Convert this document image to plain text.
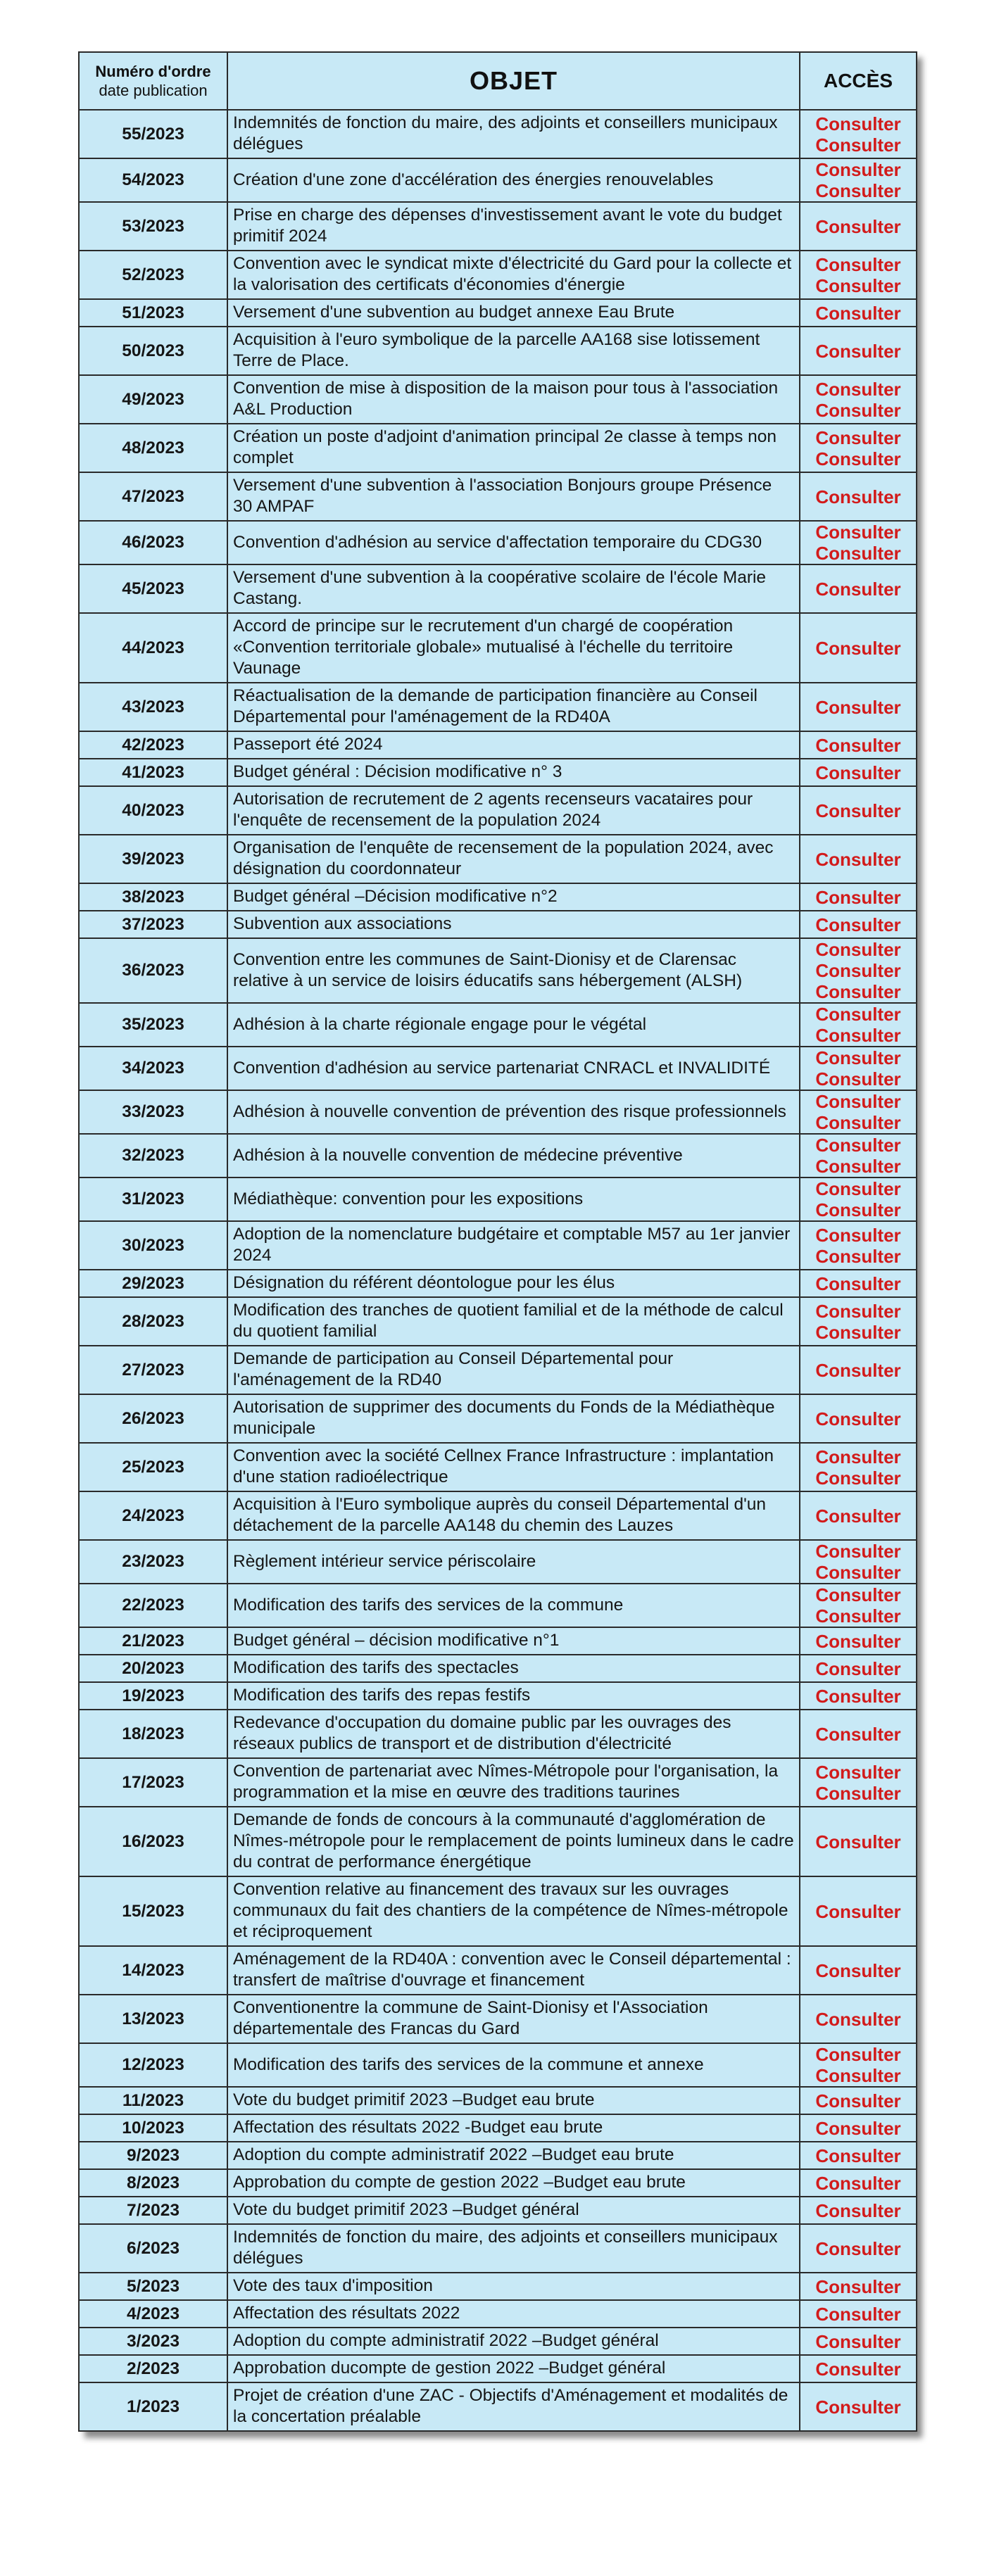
Numéro d'ordre
date publication	OBJET	ACCÈS
55/2023	Indemnités de fonction du maire, des adjoints et conseillers municipaux délégues	Consulter
Consulter

54/2023	Création d'une zone d'accélération des énergies renouvelables	Consulter
Consulter

53/2023	Prise en charge des dépenses d'investissement avant le vote du budget primitif 2024	Consulter

52/2023	Convention avec le syndicat mixte d'électricité du Gard pour la collecte et la valorisation des certificats d'économies d'énergie	Consulter
Consulter

51/2023	Versement d'une subvention au budget annexe Eau Brute	Consulter

50/2023	Acquisition à l'euro symbolique de la parcelle AA168 sise lotissement Terre de Place.	Consulter

49/2023	Convention de mise à disposition de la maison pour tous à l'association A&L Production	Consulter
Consulter

48/2023	Création un poste d'adjoint d'animation principal 2e classe à temps non complet	Consulter
Consulter

47/2023	Versement d'une subvention à l'association Bonjours groupe Présence 30 AMPAF	Consulter

46/2023	Convention d'adhésion au service d'affectation temporaire du CDG30	Consulter
Consulter

45/2023	Versement d'une subvention à la coopérative scolaire de l'école Marie Castang.	Consulter

44/2023	Accord de principe sur le recrutement d'un chargé de coopération «Convention territoriale globale» mutualisé à l'échelle du territoire Vaunage	Consulter

43/2023	Réactualisation de la demande de participation financière au Conseil Départemental pour l'aménagement de la RD40A	Consulter

42/2023	Passeport été 2024	Consulter

41/2023	Budget général : Décision modificative n° 3	Consulter

40/2023	Autorisation de recrutement de 2 agents recenseurs vacataires pour l'enquête de recensement de la population 2024	Consulter

39/2023	Organisation de l'enquête de recensement de la population 2024, avec désignation du coordonnateur	Consulter

38/2023	Budget général –Décision modificative n°2	Consulter

37/2023	Subvention aux associations	Consulter

36/2023	Convention entre les communes de Saint-Dionisy et de Clarensac relative à un service de loisirs éducatifs sans hébergement (ALSH)	Consulter
Consulter
Consulter

35/2023	Adhésion à la charte régionale engage pour le végétal	Consulter
Consulter

34/2023	Convention d'adhésion au service partenariat CNRACL et INVALIDITÉ	Consulter
Consulter

33/2023	Adhésion à nouvelle convention de prévention des risque professionnels	Consulter
Consulter

32/2023	Adhésion à la nouvelle convention de médecine préventive	Consulter
Consulter

31/2023	Médiathèque: convention pour les expositions	Consulter
Consulter

30/2023	Adoption de la nomenclature budgétaire et comptable M57 au 1er janvier 2024	Consulter
Consulter

29/2023	Désignation du référent déontologue pour les élus	Consulter

28/2023	Modification des tranches de quotient familial et de la méthode de calcul du quotient familial	Consulter
Consulter

27/2023	Demande de participation au Conseil Départemental pour l'aménagement de la RD40	Consulter

26/2023	Autorisation de supprimer des documents du Fonds de la Médiathèque municipale	Consulter

25/2023	Convention avec la société Cellnex France Infrastructure : implantation d'une station radioélectrique	Consulter
Consulter

24/2023	Acquisition à l'Euro symbolique auprès du conseil Départemental d'un détachement de la parcelle AA148 du chemin des Lauzes	Consulter

23/2023	Règlement intérieur service périscolaire	Consulter
Consulter

22/2023	Modification des tarifs des services de la commune	Consulter
Consulter

21/2023	Budget général – décision modificative n°1	Consulter

20/2023	Modification des tarifs des spectacles	Consulter

19/2023	Modification des tarifs des repas festifs	Consulter

18/2023	Redevance d'occupation du domaine public par les ouvrages des réseaux publics de transport et de distribution d'électricité	Consulter

17/2023	Convention de partenariat avec Nîmes-Métropole pour l'organisation, la programmation et la mise en œuvre des traditions taurines	Consulter
Consulter

16/2023	Demande de fonds de concours à la communauté d'agglomération de Nîmes-métropole pour le remplacement de points lumineux dans le cadre du contrat de performance énergétique	Consulter

15/2023	Convention relative au financement des travaux sur les ouvrages communaux du fait des chantiers de la compétence de Nîmes-métropole et réciproquement	Consulter

14/2023	Aménagement de la RD40A : convention avec le Conseil départemental : transfert de maîtrise d'ouvrage et financement	Consulter

13/2023	Conventionentre la commune de Saint-Dionisy et l'Association départementale des Francas du Gard	Consulter

12/2023	Modification des tarifs des services de la commune et annexe	Consulter
Consulter

11/2023	Vote du budget primitif 2023 –Budget eau brute	Consulter

10/2023	Affectation des résultats 2022 -Budget eau brute	Consulter

9/2023	Adoption du compte administratif 2022 –Budget eau brute	Consulter

8/2023	Approbation du compte de gestion 2022 –Budget eau brute	Consulter

7/2023	Vote du budget primitif 2023 –Budget général	Consulter

6/2023	Indemnités de fonction du maire, des adjoints et conseillers municipaux délégues	Consulter

5/2023	Vote des taux d'imposition	Consulter

4/2023	Affectation des résultats 2022	Consulter

3/2023	Adoption du compte administratif 2022 –Budget général	Consulter

2/2023	Approbation ducompte de gestion 2022 –Budget général	Consulter

1/2023	Projet de création d'une ZAC - Objectifs d'Aménagement et modalités de la concertation préalable	Consulter
